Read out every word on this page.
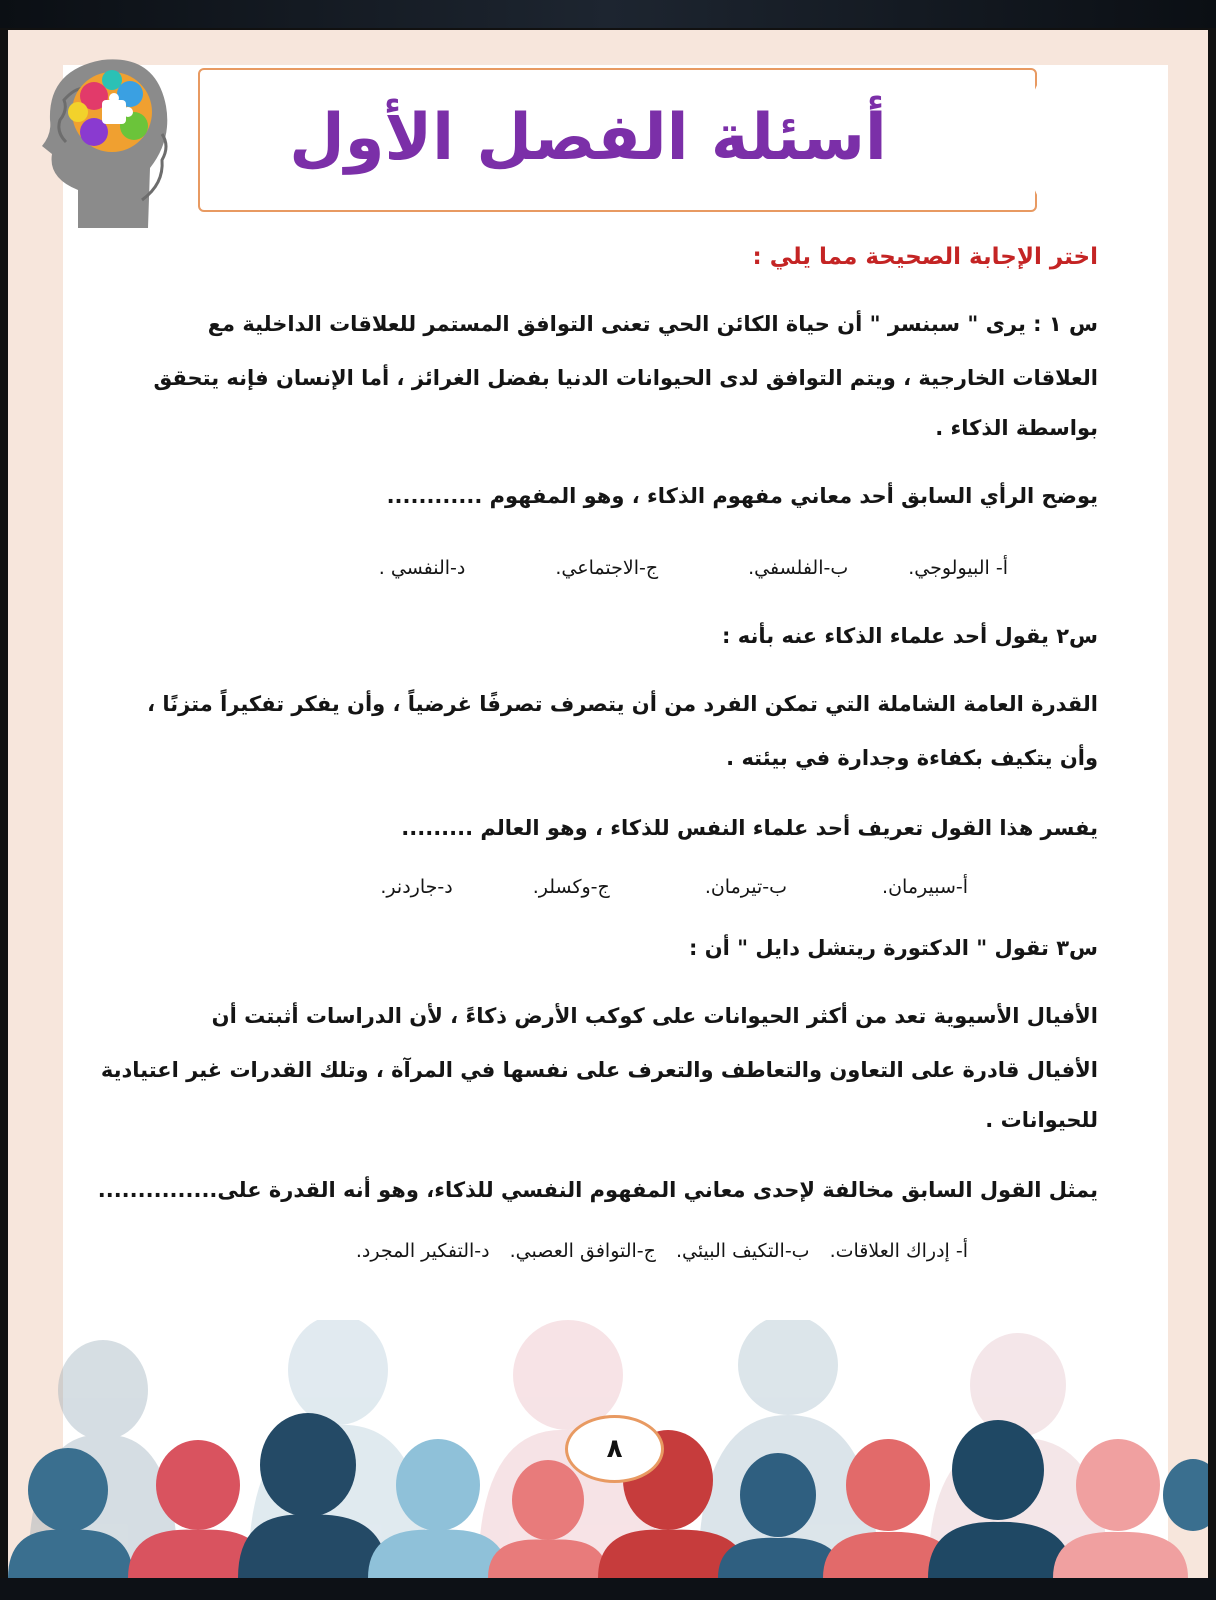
أسئلة الفصل الأول
اختر الإجابة الصحيحة مما يلي :
س ١ : يرى " سبنسر " أن حياة الكائن الحي تعنى التوافق المستمر للعلاقات الداخلية مع
العلاقات الخارجية ، ويتم التوافق لدى الحيوانات الدنيا بفضل الغرائز ، أما الإنسان فإنه يتحقق
بواسطة الذكاء .
يوضح الرأي السابق أحد معاني مفهوم الذكاء ، وهو المفهوم ............
أ- البيولوجي.
ب-الفلسفي.
ج-الاجتماعي.
د-النفسي .
س٢ يقول أحد علماء الذكاء عنه بأنه :
القدرة العامة الشاملة التي تمكن الفرد من أن يتصرف تصرفًا غرضياً ، وأن يفكر تفكيراً متزنًا ،
وأن يتكيف بكفاءة وجدارة في بيئته .
يفسر هذا القول تعريف أحد علماء النفس للذكاء ، وهو العالم .........
أ-سبيرمان.
ب-تيرمان.
ج-وكسلر.
د-جاردنر.
س٣ تقول " الدكتورة ريتشل دايل " أن :
الأفيال الأسيوية تعد من أكثر الحيوانات على كوكب الأرض ذكاءً ، لأن الدراسات أثبتت أن
الأفيال قادرة على التعاون والتعاطف والتعرف على نفسها في المرآة ، وتلك القدرات غير اعتيادية
للحيوانات .
يمثل القول السابق مخالفة لإحدى معاني المفهوم النفسي للذكاء، وهو أنه القدرة على...............
أ- إدراك العلاقات.
ب-التكيف البيئي.
ج-التوافق العصبي.
د-التفكير المجرد.
٨
